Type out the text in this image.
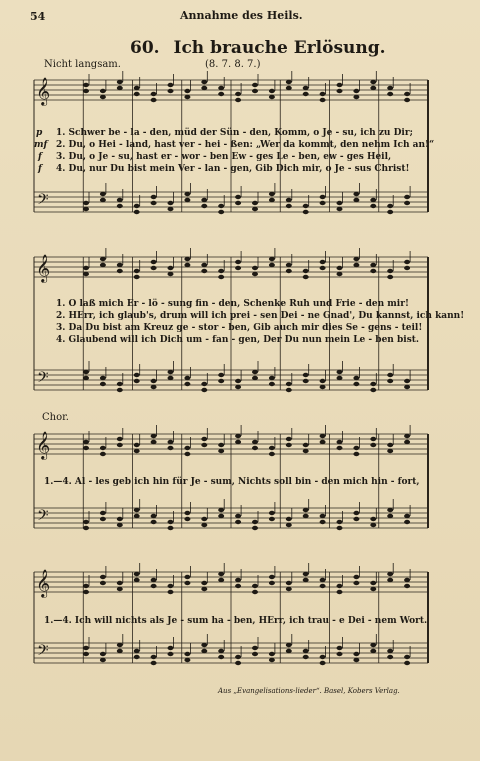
54	Annahme des Heils.
60. Ich brauche Erlösung.
Nicht langsam.	(8. 7. 8. 7.)
𝄞
𝄢
𝄞
𝄢
𝄞
𝄢
𝄞
𝄢
p 1. Schwer be - la - den, müd der Sün - den, Komm, o Je - su, ich zu Dir;
mf 2. Du, o Hei - land, hast ver - hei - ßen: „Wer da kommt, den nehm Ich an!“
f 3. Du, o Je - su, hast er - wor - ben Ew - ges Le - ben, ew - ges Heil,
f 4. Du, nur Du bist mein Ver - lan - gen, Gib Dich mir, o Je - sus Christ!
1. O laß mich Er - lö - sung fin - den, Schenke Ruh und Frie - den mir!
2. HErr, ich glaub's, drum will ich prei - sen Dei - ne Gnad', Du kannst, ich kann!
3. Da Du bist am Kreuz ge - stor - ben, Gib auch mir dies Se - gens - teil!
4. Glaubend will ich Dich um - fan - gen, Der Du nun mein Le - ben bist.
Chor.
1.—4. Al - les geb ich hin für Je - sum, Nichts soll bin - den mich hin - fort,
1.—4. Ich will nichts als Je - sum ha - ben, HErr, ich trau - e Dei - nem Wort.
Aus „Evangelisations-lieder“. Basel, Kobers Verlag.
